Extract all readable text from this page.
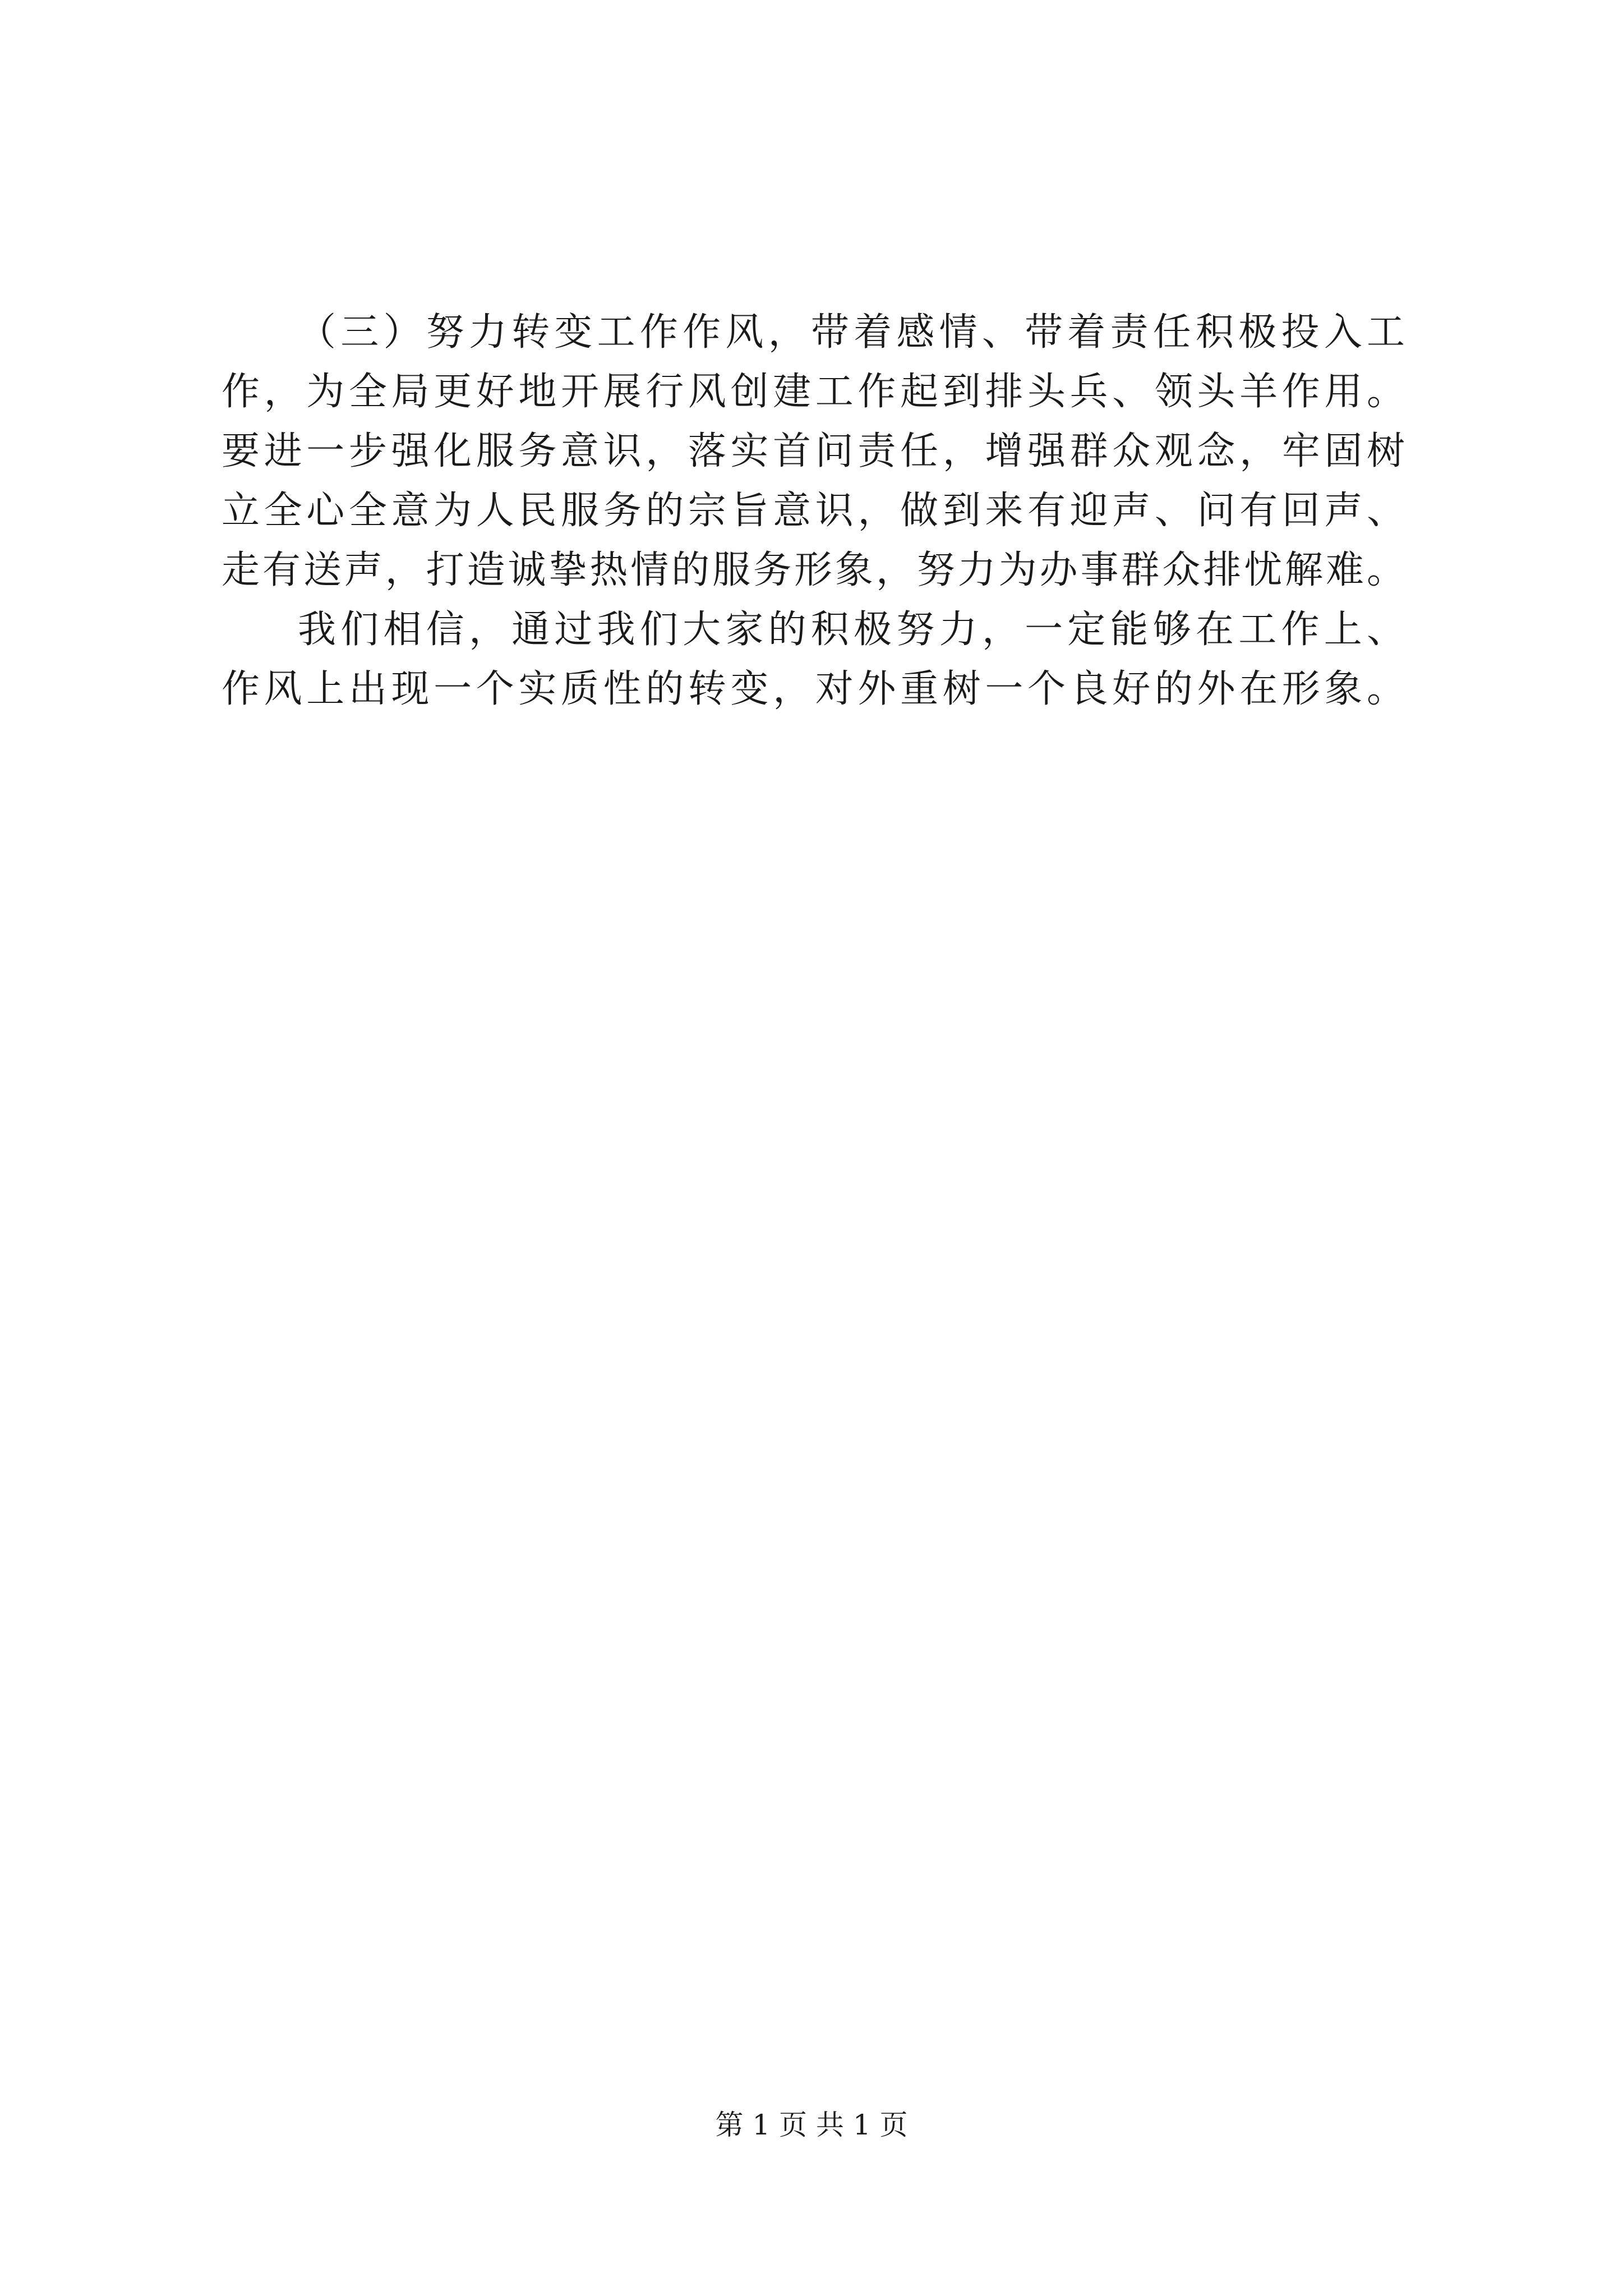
（三）努力转变工作作风，带着感情、带着责任积极投入工
作，为全局更好地开展行风创建工作起到排头兵、领头羊作用。
要进一步强化服务意识，落实首问责任，增强群众观念，牢固树
立全心全意为人民服务的宗旨意识，做到来有迎声、问有回声、
走有送声，打造诚挚热情的服务形象，努力为办事群众排忧解难。
我们相信，通过我们大家的积极努力，一定能够在工作上、
作风上出现一个实质性的转变，对外重树一个良好的外在形象。
第 1 页 共 1 页
